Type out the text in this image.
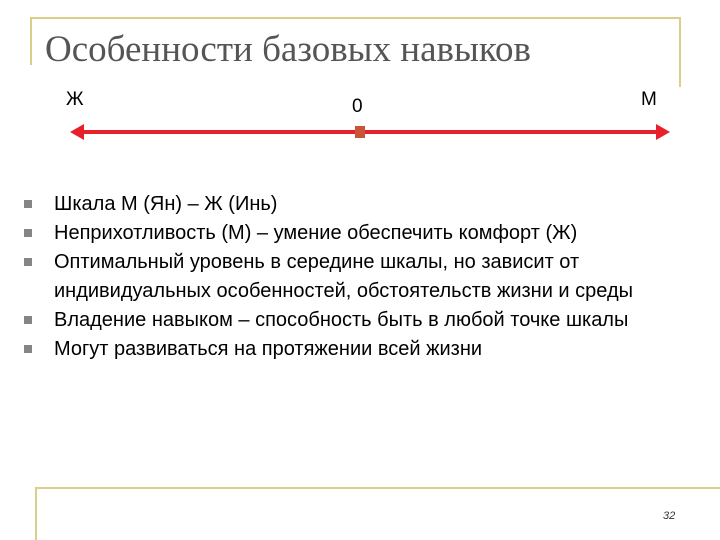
Особенности базовых навыков
Ж	0	М
Шкала М (Ян) – Ж (Инь)
Неприхотливость (М) – умение обеспечить комфорт (Ж)
Оптимальный уровень в середине шкалы, но зависит от индивидуальных особенностей, обстоятельств жизни и среды
Владение навыком – способность быть в любой точке шкалы
Могут развиваться на протяжении всей жизни
32
